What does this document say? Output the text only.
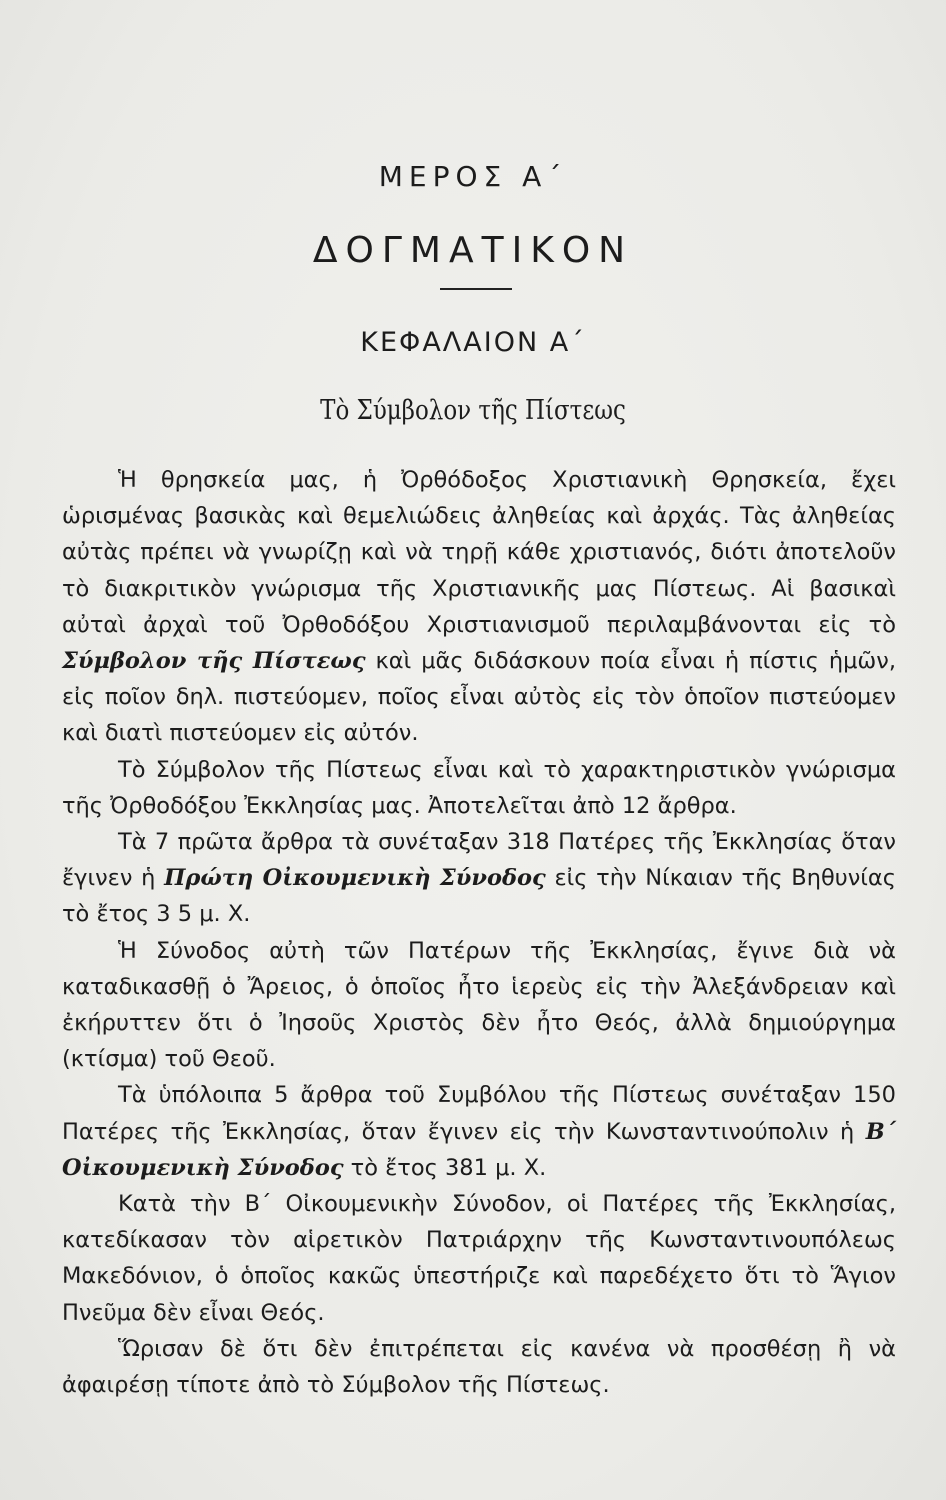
ΜΕΡΟΣ Α΄
ΔΟΓΜΑΤΙΚΟΝ
ΚΕΦΑΛΑΙΟΝ Α΄
Τὸ Σύμβολον τῆς Πίστεως

Ἡ θρησκεία μας, ἡ Ὀρθόδοξος Χριστιανικὴ Θρησκεία, ἔχει ὡρισμένας βασικὰς καὶ θεμελιώδεις ἀληθείας καὶ ἀρχάς. Τὰς ἀληθείας αὐτὰς πρέπει νὰ γνωρίζῃ καὶ νὰ τηρῇ κάθε χριστιανός, διότι ἀποτελοῦν τὸ διακριτικὸν γνώρισμα τῆς Χριστιανικῆς μας Πίστεως. Αἱ βασικαὶ αὐταὶ ἀρχαὶ τοῦ Ὀρθοδόξου Χριστιανισμοῦ περιλαμβάνονται εἰς τὸ Σύμβολον τῆς Πίστεως καὶ μᾶς διδάσκουν ποία εἶναι ἡ πίστις ἡμῶν, εἰς ποῖον δηλ. πιστεύομεν, ποῖος εἶναι αὐτὸς εἰς τὸν ὁποῖον πιστεύομεν καὶ διατὶ πιστεύομεν εἰς αὐτόν.

Τὸ Σύμβολον τῆς Πίστεως εἶναι καὶ τὸ χαρακτηριστικὸν γνώρισμα τῆς Ὀρθοδόξου Ἐκκλησίας μας. Ἀποτελεῖται ἀπὸ 12 ἄρθρα.

Τὰ 7 πρῶτα ἄρθρα τὰ συνέταξαν 318 Πατέρες τῆς Ἐκκλησίας ὅταν ἔγινεν ἡ Πρώτη Οἰκουμενικὴ Σύνοδος εἰς τὴν Νίκαιαν τῆς Βηθυνίας τὸ ἔτος 3 5 μ. Χ.

Ἡ Σύνοδος αὐτὴ τῶν Πατέρων τῆς Ἐκκλησίας, ἔγινε διὰ νὰ καταδικασθῇ ὁ Ἄρειος, ὁ ὁποῖος ἦτο ἱερεὺς εἰς τὴν Ἀλεξάνδρειαν καὶ ἐκήρυττεν ὅτι ὁ Ἰησοῦς Χριστὸς δὲν ἦτο Θεός, ἀλλὰ δημιούργημα (κτίσμα) τοῦ Θεοῦ.

Τὰ ὑπόλοιπα 5 ἄρθρα τοῦ Συμβόλου τῆς Πίστεως συνέταξαν 150 Πατέρες τῆς Ἐκκλησίας, ὅταν ἔγινεν εἰς τὴν Κωνσταντινούπολιν ἡ Β΄ Οἰκουμενικὴ Σύνοδος τὸ ἔτος 381 μ. Χ.

Κατὰ τὴν Β΄ Οἰκουμενικὴν Σύνοδον, οἱ Πατέρες τῆς Ἐκκλησίας, κατεδίκασαν τὸν αἱρετικὸν Πατριάρχην τῆς Κωνσταντινουπόλεως Μακεδόνιον, ὁ ὁποῖος κακῶς ὑπεστήριζε καὶ παρεδέχετο ὅτι τὸ Ἅγιον Πνεῦμα δὲν εἶναι Θεός.

Ὥρισαν δὲ ὅτι δὲν ἐπιτρέπεται εἰς κανένα νὰ προσθέσῃ ἢ νὰ ἀφαιρέσῃ τίποτε ἀπὸ τὸ Σύμβολον τῆς Πίστεως.
